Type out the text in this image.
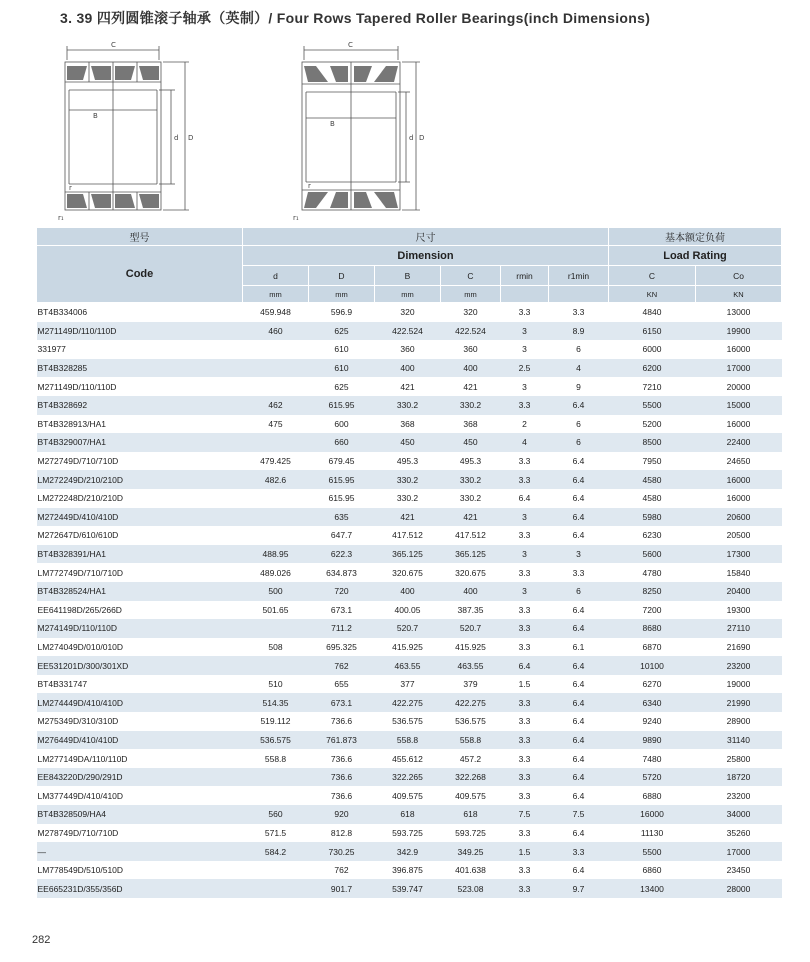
3. 39 四列圆锥滚子轴承（英制）/ Four Rows Tapered Roller Bearings(inch Dimensions)
C
B
D
d
r
r₁
C
B
D
d
r
r₁
型号	尺寸						基本额定负荷	
Code	Dimension						Load Rating	
	d	D	B	C	rmin	r1min	C	Co
	mm	mm	mm	mm			KN	KN
BT4B334006	459.948	596.9	320	320	3.3	3.3	4840	13000
M271149D/110/110D	460	625	422.524	422.524	3	8.9	6150	19900
331977		610	360	360	3	6	6000	16000
BT4B328285		610	400	400	2.5	4	6200	17000
M271149D/110/110D		625	421	421	3	9	7210	20000
BT4B328692	462	615.95	330.2	330.2	3.3	6.4	5500	15000
BT4B328913/HA1	475	600	368	368	2	6	5200	16000
BT4B329007/HA1		660	450	450	4	6	8500	22400
M272749D/710/710D	479.425	679.45	495.3	495.3	3.3	6.4	7950	24650
LM272249D/210/210D	482.6	615.95	330.2	330.2	3.3	6.4	4580	16000
LM272248D/210/210D		615.95	330.2	330.2	6.4	6.4	4580	16000
M272449D/410/410D		635	421	421	3	6.4	5980	20600
M272647D/610/610D		647.7	417.512	417.512	3.3	6.4	6230	20500
BT4B328391/HA1	488.95	622.3	365.125	365.125	3	3	5600	17300
LM772749D/710/710D	489.026	634.873	320.675	320.675	3.3	3.3	4780	15840
BT4B328524/HA1	500	720	400	400	3	6	8250	20400
EE641198D/265/266D	501.65	673.1	400.05	387.35	3.3	6.4	7200	19300
M274149D/110/110D		711.2	520.7	520.7	3.3	6.4	8680	27110
LM274049D/010/010D	508	695.325	415.925	415.925	3.3	6.1	6870	21690
EE531201D/300/301XD		762	463.55	463.55	6.4	6.4	10100	23200
BT4B331747	510	655	377	379	1.5	6.4	6270	19000
LM274449D/410/410D	514.35	673.1	422.275	422.275	3.3	6.4	6340	21990
M275349D/310/310D	519.112	736.6	536.575	536.575	3.3	6.4	9240	28900
M276449D/410/410D	536.575	761.873	558.8	558.8	3.3	6.4	9890	31140
LM277149DA/110/110D	558.8	736.6	455.612	457.2	3.3	6.4	7480	25800
EE843220D/290/291D		736.6	322.265	322.268	3.3	6.4	5720	18720
LM377449D/410/410D		736.6	409.575	409.575	3.3	6.4	6880	23200
BT4B328509/HA4	560	920	618	618	7.5	7.5	16000	34000
M278749D/710/710D	571.5	812.8	593.725	593.725	3.3	6.4	11130	35260
—	584.2	730.25	342.9	349.25	1.5	3.3	5500	17000
LM778549D/510/510D		762	396.875	401.638	3.3	6.4	6860	23450
EE665231D/355/356D		901.7	539.747	523.08	3.3	9.7	13400	28000
282
